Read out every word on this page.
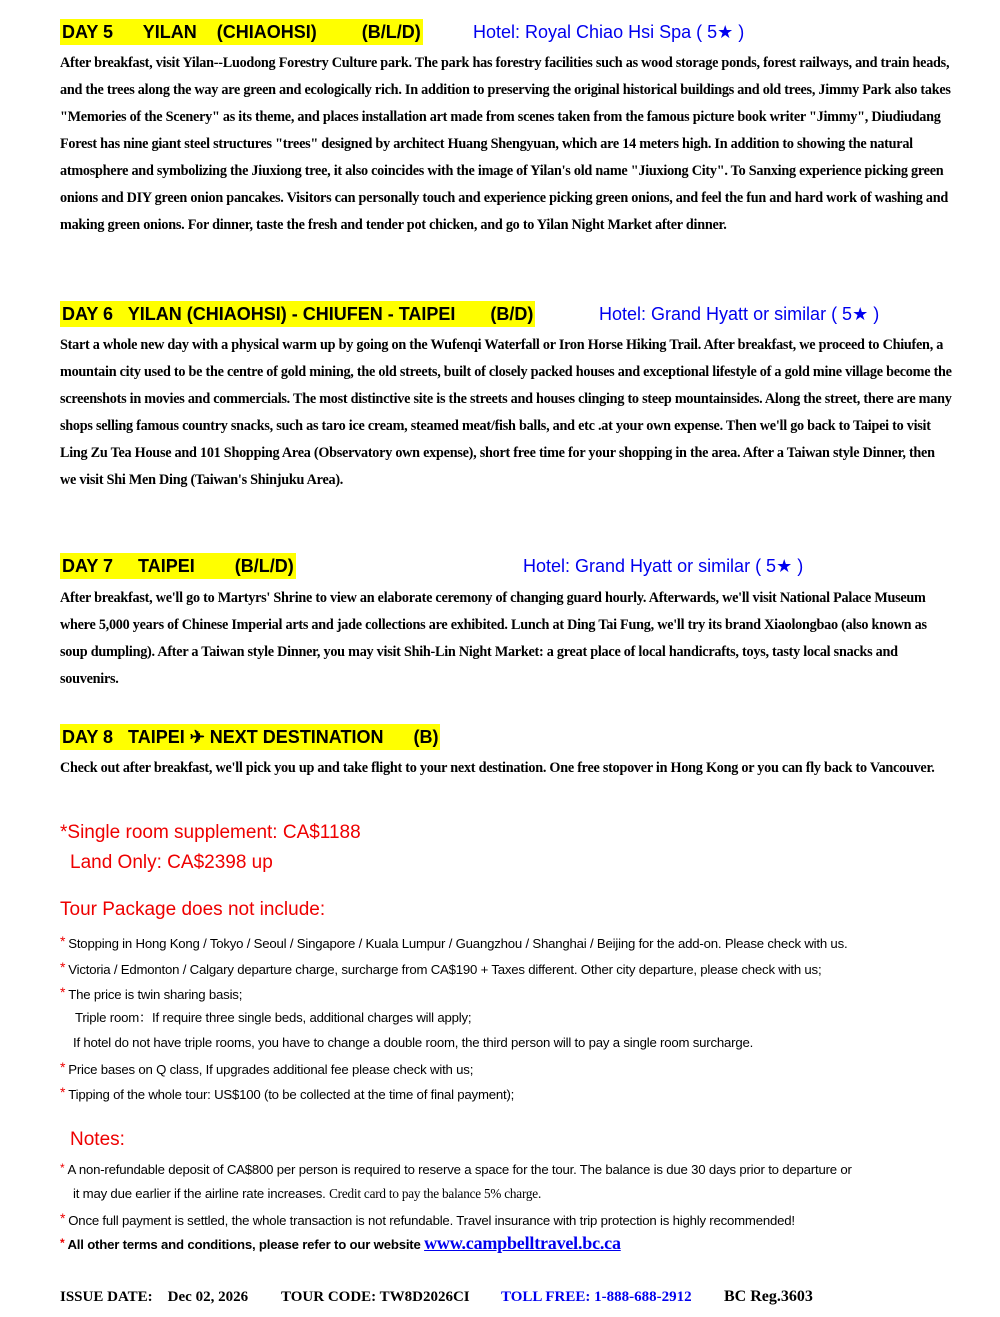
DAY 5      YILAN    (CHIAOHSI)         (B/L/D)	Hotel: Royal Chiao Hsi Spa ( 5★ )
After breakfast, visit Yilan--Luodong Forestry Culture park. The park has forestry facilities such as wood storage ponds, forest railways, and train heads, and the trees along the way are green and ecologically rich. In addition to preserving the original historical buildings and old trees, Jimmy Park also takes "Memories of the Scenery" as its theme, and places installation art made from scenes taken from the famous picture book writer "Jimmy", Diudiudang Forest has nine giant steel structures "trees" designed by architect Huang Shengyuan, which are 14 meters high. In addition to showing the natural atmosphere and symbolizing the Jiuxiong tree, it also coincides with the image of Yilan's old name "Jiuxiong City". To Sanxing experience picking green onions and DIY green onion pancakes. Visitors can personally touch and experience picking green onions, and feel the fun and hard work of washing and making green onions. For dinner, taste the fresh and tender pot chicken, and go to Yilan Night Market after dinner.
DAY 6   YILAN (CHIAOHSI) - CHIUFEN - TAIPEI       (B/D)	Hotel: Grand Hyatt or similar ( 5★ )
Start a whole new day with a physical warm up by going on the Wufenqi Waterfall or Iron Horse Hiking Trail. After breakfast, we proceed to Chiufen, a mountain city used to be the centre of gold mining, the old streets, built of closely packed houses and exceptional lifestyle of a gold mine village become the screenshots in movies and commercials. The most distinctive site is the streets and houses clinging to steep mountainsides. Along the street, there are many shops selling famous country snacks, such as taro ice cream, steamed meat/fish balls, and etc .at your own expense. Then we'll go back to Taipei to visit Ling Zu Tea House and 101 Shopping Area (Observatory own expense), short free time for your shopping in the area. After a Taiwan style Dinner, then we visit Shi Men Ding (Taiwan's Shinjuku Area).
DAY 7     TAIPEI        (B/L/D)	Hotel: Grand Hyatt or similar ( 5★ )
After breakfast, we'll go to Martyrs' Shrine to view an elaborate ceremony of changing guard hourly. Afterwards, we'll visit National Palace Museum where 5,000 years of Chinese Imperial arts and jade collections are exhibited. Lunch at Ding Tai Fung, we'll try its brand Xiaolongbao (also known as soup dumpling). After a Taiwan style Dinner, you may visit Shih-Lin Night Market: a great place of local handicrafts, toys, tasty local snacks and souvenirs.
DAY 8   TAIPEI ✈ NEXT DESTINATION      (B)
Check out after breakfast, we'll pick you up and take flight to your next destination. One free stopover in Hong Kong or you can fly back to Vancouver.
*Single room supplement: CA$1188
Land Only: CA$2398 up
Tour Package does not include:
* Stopping in Hong Kong / Tokyo / Seoul / Singapore / Kuala Lumpur / Guangzhou / Shanghai / Beijing for the add-on. Please check with us.
* Victoria / Edmonton / Calgary departure charge, surcharge from CA$190 + Taxes different. Other city departure, please check with us;
* The price is twin sharing basis;
Triple room：If require three single beds, additional charges will apply;
If hotel do not have triple rooms, you have to change a double room, the third person will to pay a single room surcharge.
* Price bases on Q class, If upgrades additional fee please check with us;
* Tipping of the whole tour: US$100 (to be collected at the time of final payment);
Notes:
* A non-refundable deposit of CA$800 per person is required to reserve a space for the tour. The balance is due 30 days prior to departure or
it may due earlier if the airline rate increases. Credit card to pay the balance 5% charge.
* Once full payment is settled, the whole transaction is not refundable. Travel insurance with trip protection is highly recommended!
* All other terms and conditions, please refer to our website www.campbelltravel.bc.ca
ISSUE DATE:    Dec 02, 2026 TOUR CODE: TW8D2026CI TOLL FREE: 1-888-688-2912 BC Reg.3603
